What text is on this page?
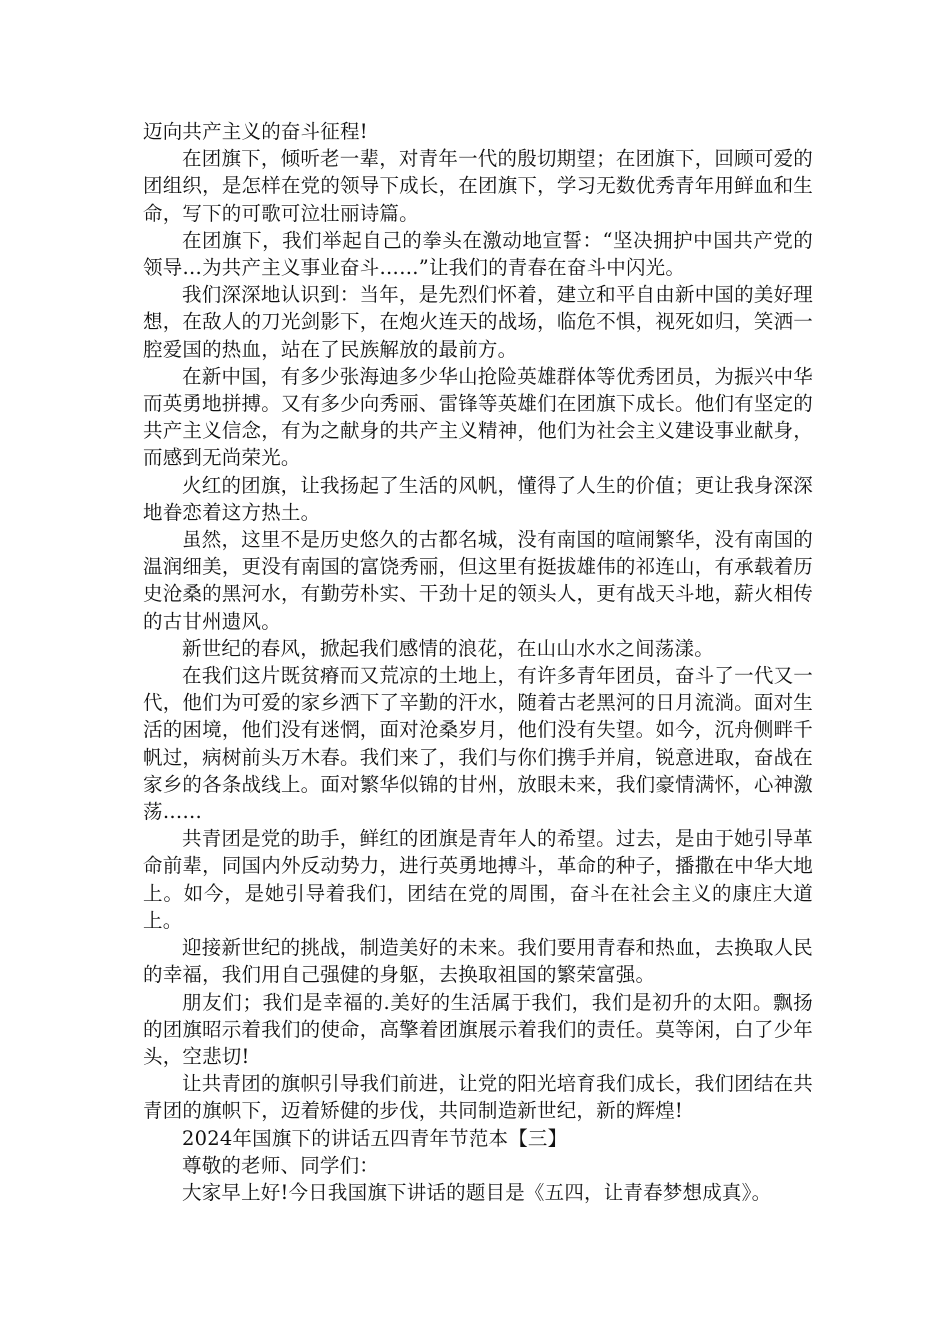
迈向共产主义的奋斗征程!

在团旗下，倾听老一辈，对青年一代的殷切期望；在团旗下，回顾可爱的团组织，是怎样在党的领导下成长，在团旗下，学习无数优秀青年用鲜血和生命，写下的可歌可泣壮丽诗篇。

在团旗下，我们举起自己的拳头在激动地宣誓：“坚决拥护中国共产党的领导…为共产主义事业奋斗……”让我们的青春在奋斗中闪光。

我们深深地认识到：当年，是先烈们怀着，建立和平自由新中国的美好理想，在敌人的刀光剑影下，在炮火连天的战场，临危不惧，视死如归，笑洒一腔爱国的热血，站在了民族解放的最前方。

在新中国，有多少张海迪多少华山抢险英雄群体等优秀团员，为振兴中华而英勇地拼搏。又有多少向秀丽、雷锋等英雄们在团旗下成长。他们有坚定的共产主义信念，有为之献身的共产主义精神，他们为社会主义建设事业献身，而感到无尚荣光。

火红的团旗，让我扬起了生活的风帆，懂得了人生的价值；更让我身深深地眷恋着这方热土。

虽然，这里不是历史悠久的古都名城，没有南国的喧闹繁华，没有南国的温润细美，更没有南国的富饶秀丽，但这里有挺拔雄伟的祁连山，有承载着历史沧桑的黑河水，有勤劳朴实、干劲十足的领头人，更有战天斗地，薪火相传的古甘州遗风。

新世纪的春风，掀起我们感情的浪花，在山山水水之间荡漾。

在我们这片既贫瘠而又荒凉的土地上，有许多青年团员，奋斗了一代又一代，他们为可爱的家乡洒下了辛勤的汗水，随着古老黑河的日月流淌。面对生活的困境，他们没有迷惘，面对沧桑岁月，他们没有失望。如今，沉舟侧畔千帆过，病树前头万木春。我们来了，我们与你们携手并肩，锐意进取，奋战在家乡的各条战线上。面对繁华似锦的甘州，放眼未来，我们豪情满怀，心神激荡……

共青团是党的助手，鲜红的团旗是青年人的希望。过去，是由于她引导革命前辈，同国内外反动势力，进行英勇地搏斗，革命的种子，播撒在中华大地上。如今，是她引导着我们，团结在党的周围，奋斗在社会主义的康庄大道上。

迎接新世纪的挑战，制造美好的未来。我们要用青春和热血，去换取人民的幸福，我们用自己强健的身躯，去换取祖国的繁荣富强。

朋友们；我们是幸福的.美好的生活属于我们，我们是初升的太阳。飘扬的团旗昭示着我们的使命，高擎着团旗展示着我们的责任。莫等闲，白了少年头，空悲切!

让共青团的旗帜引导我们前进，让党的阳光培育我们成长，我们团结在共青团的旗帜下，迈着矫健的步伐，共同制造新世纪，新的辉煌!

2024年国旗下的讲话五四青年节范本【三】

尊敬的老师、同学们：

大家早上好!今日我国旗下讲话的题目是《五四，让青春梦想成真》。
